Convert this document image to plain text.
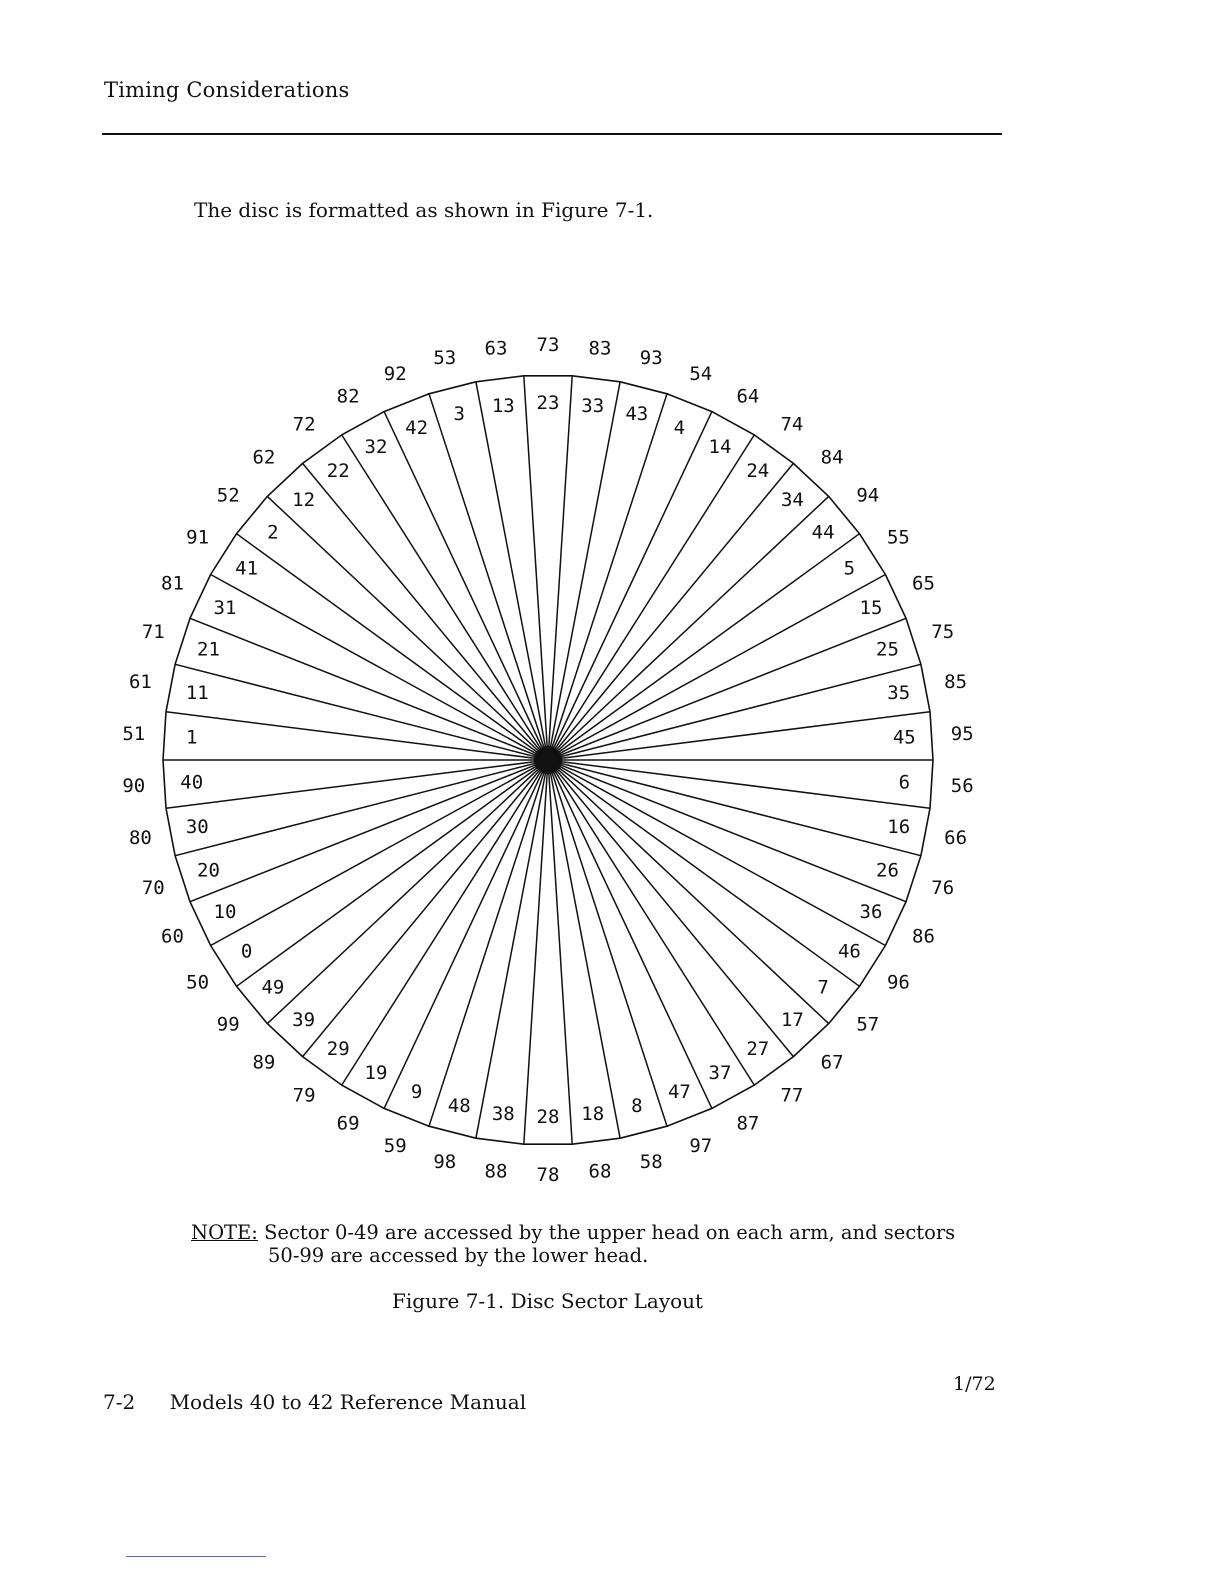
Timing Considerations
The disc is formatted as shown in Figure 7-1.
23 33 43
4
14
24
34
44
5
15
25
35
45
6
16
26
36
46
7
17
27
37
47
8
18
28
38
48
9
19
29
39
49
0
10
20
30
40
1
11
21
31
41
2
12
22
32
42
3 13
73 83 93
54
64
74
84
94
55
65
75
85
95
56
66
76
86
96
57
67
77
87
97
58
68
78
88
98
59
69
79
89
99
50
60
70
80
90
51
61
71
81
91
52
62
72
82
92
53 63
NOTE: Sector 0-49 are accessed by the upper head on each arm, and sectors
50-99 are accessed by the lower head.
Figure 7-1. Disc Sector Layout
7-2 Models 40 to 42 Reference Manual
1/72
